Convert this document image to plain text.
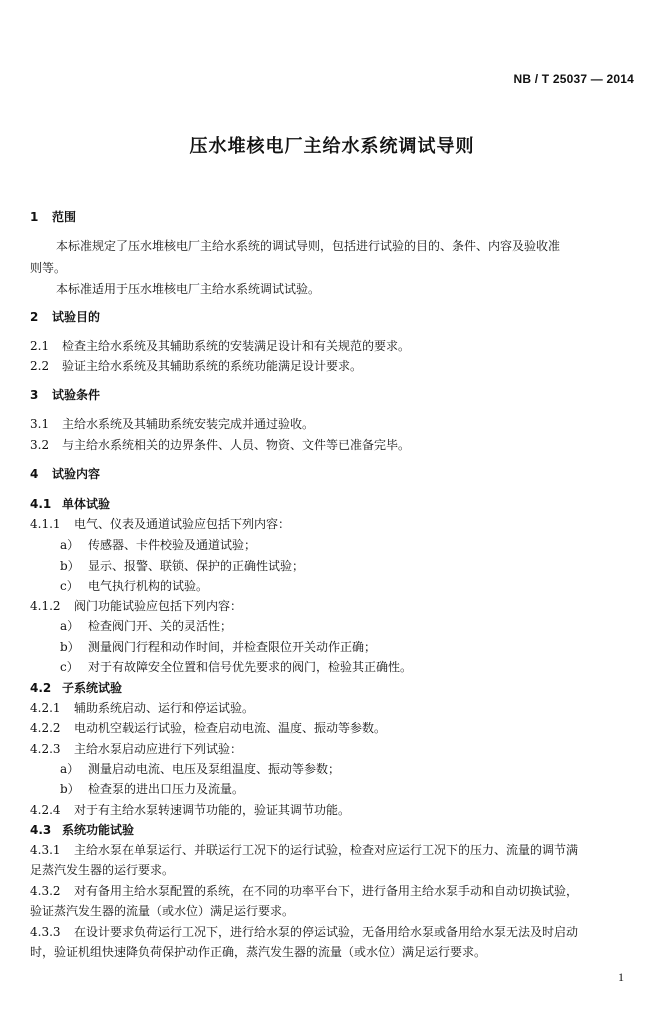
NB / T 25037 — 2014
压水堆核电厂主给水系统调试导则
1 范围
本标准规定了压水堆核电厂主给水系统的调试导则，包括进行试验的目的、条件、内容及验收准
则等。
本标准适用于压水堆核电厂主给水系统调试试验。
2 试验目的
2.1 检查主给水系统及其辅助系统的安装满足设计和有关规范的要求。
2.2 验证主给水系统及其辅助系统的系统功能满足设计要求。
3 试验条件
3.1 主给水系统及其辅助系统安装完成并通过验收。
3.2 与主给水系统相关的边界条件、人员、物资、文件等已准备完毕。
4 试验内容
4.1 单体试验
4.1.1 电气、仪表及通道试验应包括下列内容：
a） 传感器、卡件校验及通道试验；
b） 显示、报警、联锁、保护的正确性试验；
c） 电气执行机构的试验。
4.1.2 阀门功能试验应包括下列内容：
a） 检查阀门开、关的灵活性；
b） 测量阀门行程和动作时间，并检查限位开关动作正确；
c） 对于有故障安全位置和信号优先要求的阀门，检验其正确性。
4.2 子系统试验
4.2.1 辅助系统启动、运行和停运试验。
4.2.2 电动机空载运行试验，检查启动电流、温度、振动等参数。
4.2.3 主给水泵启动应进行下列试验：
a） 测量启动电流、电压及泵组温度、振动等参数；
b） 检查泵的进出口压力及流量。
4.2.4 对于有主给水泵转速调节功能的，验证其调节功能。
4.3 系统功能试验
4.3.1 主给水泵在单泵运行、并联运行工况下的运行试验，检查对应运行工况下的压力、流量的调节满
足蒸汽发生器的运行要求。
4.3.2 对有备用主给水泵配置的系统，在不同的功率平台下，进行备用主给水泵手动和自动切换试验，
验证蒸汽发生器的流量（或水位）满足运行要求。
4.3.3 在设计要求负荷运行工况下，进行给水泵的停运试验，无备用给水泵或备用给水泵无法及时启动
时，验证机组快速降负荷保护动作正确，蒸汽发生器的流量（或水位）满足运行要求。
1
